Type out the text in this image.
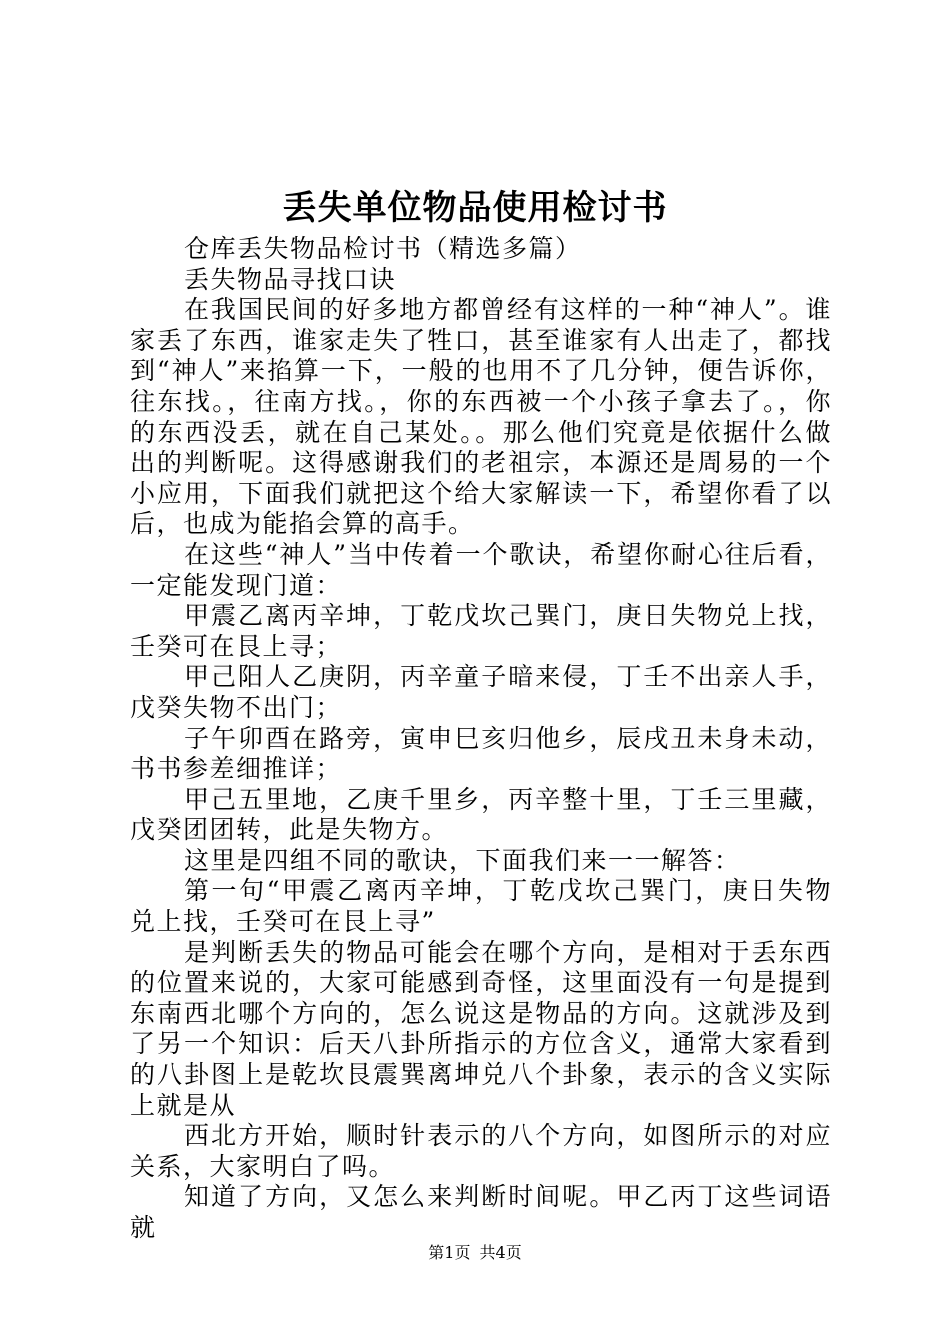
丢失单位物品使用检讨书

仓库丢失物品检讨书（精选多篇）

丢失物品寻找口诀

在我国民间的好多地方都曾经有这样的一种“神人”。谁家丢了东西，谁家走失了牲口，甚至谁家有人出走了，都找到“神人”来掐算一下，一般的也用不了几分钟，便告诉你，往东找。，往南方找。，你的东西被一个小孩子拿去了。，你的东西没丢，就在自己某处。。那么他们究竟是依据什么做出的判断呢。这得感谢我们的老祖宗，本源还是周易的一个小应用，下面我们就把这个给大家解读一下，希望你看了以后，也成为能掐会算的高手。

在这些“神人”当中传着一个歌诀，希望你耐心往后看，一定能发现门道：

甲震乙离丙辛坤，丁乾戊坎己巽门，庚日失物兑上找，壬癸可在艮上寻；

甲己阳人乙庚阴，丙辛童子暗来侵，丁壬不出亲人手，戊癸失物不出门；

子午卯酉在路旁，寅申巳亥归他乡，辰戌丑未身未动，书书参差细推详；

甲己五里地，乙庚千里乡，丙辛整十里，丁壬三里藏，戊癸团团转，此是失物方。

这里是四组不同的歌诀，下面我们来一一解答：

第一句“甲震乙离丙辛坤，丁乾戊坎己巽门，庚日失物兑上找，壬癸可在艮上寻”

是判断丢失的物品可能会在哪个方向，是相对于丢东西的位置来说的，大家可能感到奇怪，这里面没有一句是提到东南西北哪个方向的，怎么说这是物品的方向。这就涉及到了另一个知识：后天八卦所指示的方位含义，通常大家看到的八卦图上是乾坎艮震巽离坤兑八个卦象，表示的含义实际上就是从

西北方开始，顺时针表示的八个方向，如图所示的对应关系，大家明白了吗。

知道了方向，又怎么来判断时间呢。甲乙丙丁这些词语就

第1页 共4页
